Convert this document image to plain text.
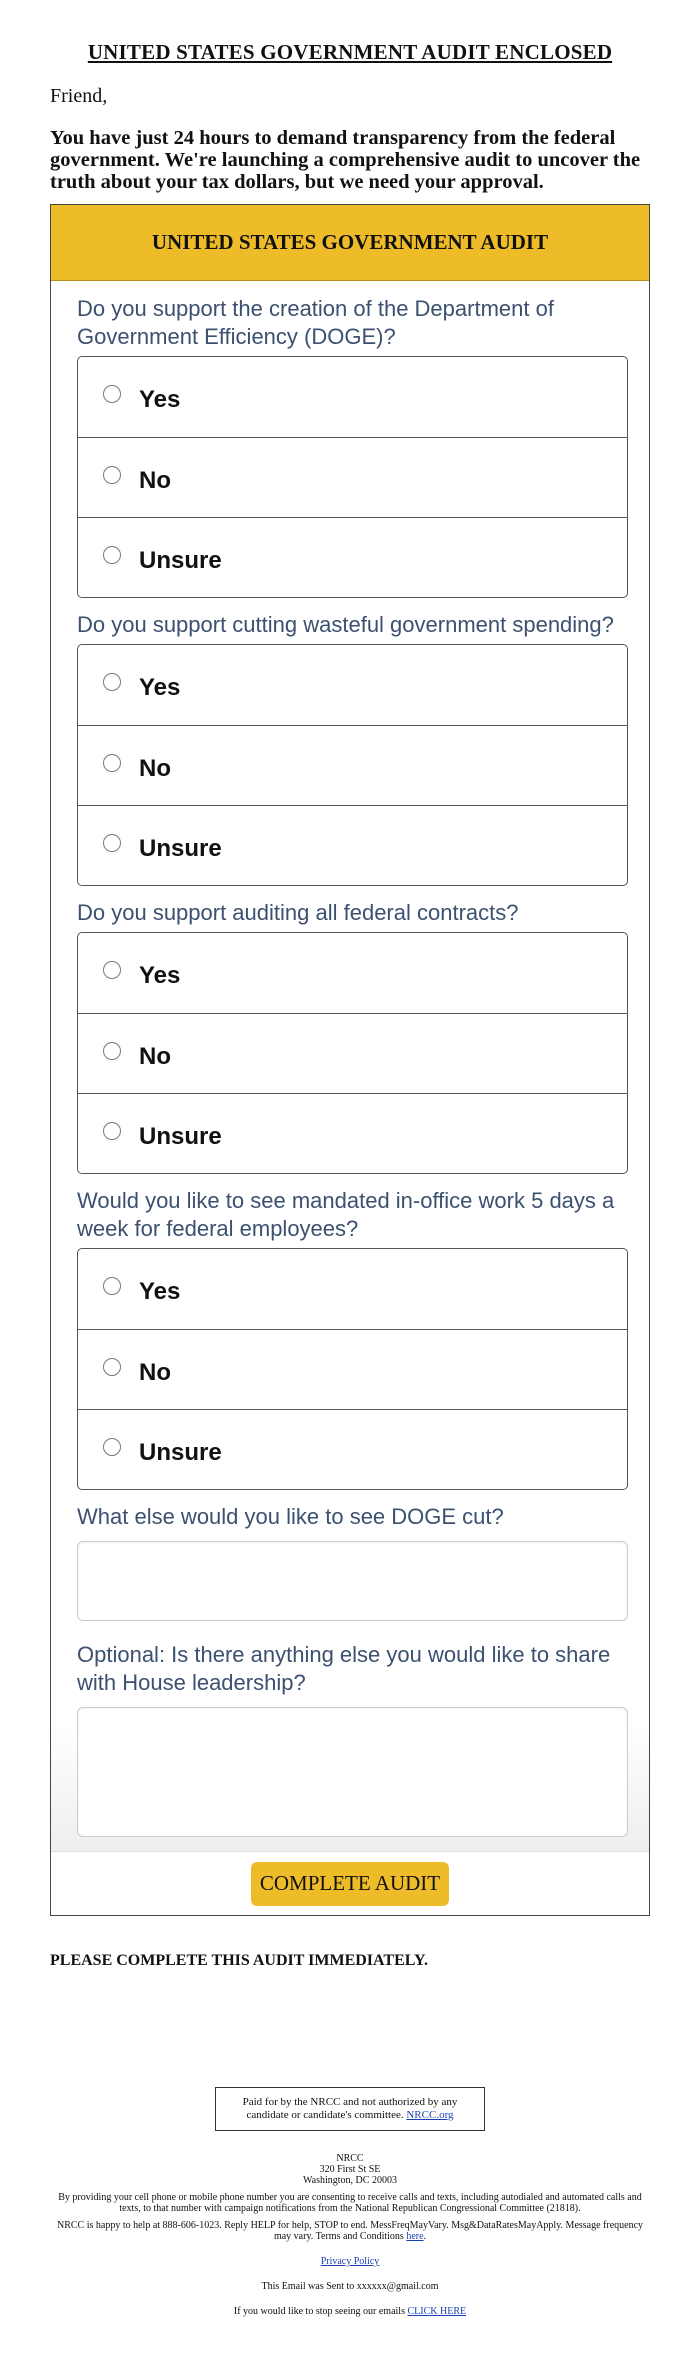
UNITED STATES GOVERNMENT AUDIT ENCLOSED
Friend,
You have just 24 hours to demand transparency from the federal government. We're launching a comprehensive audit to uncover the truth about your tax dollars, but we need your approval.
UNITED STATES GOVERNMENT AUDIT
Do you support the creation of the Department of Government Efficiency (DOGE)?
Yes
No
Unsure
Do you support cutting wasteful government spending?
Yes
No
Unsure
Do you support auditing all federal contracts?
Yes
No
Unsure
Would you like to see mandated in-office work 5 days a week for federal employees?
Yes
No
Unsure
What else would you like to see DOGE cut?
Optional: Is there anything else you would like to share with House leadership?
COMPLETE AUDIT
PLEASE COMPLETE THIS AUDIT IMMEDIATELY.
Paid for by the NRCC and not authorized by any candidate or candidate's committee. NRCC.org
NRCC
320 First St SE
Washington, DC 20003

By providing your cell phone or mobile phone number you are consenting to receive calls and texts, including autodialed and automated calls and texts, to that number with campaign notifications from the National Republican Congressional Committee (21818).

NRCC is happy to help at 888-606-1023. Reply HELP for help, STOP to end. MessFreqMayVary. Msg&DataRatesMayApply. Message frequency may vary. Terms and Conditions here.

Privacy Policy

This Email was Sent to xxxxxx@gmail.com

If you would like to stop seeing our emails CLICK HERE
